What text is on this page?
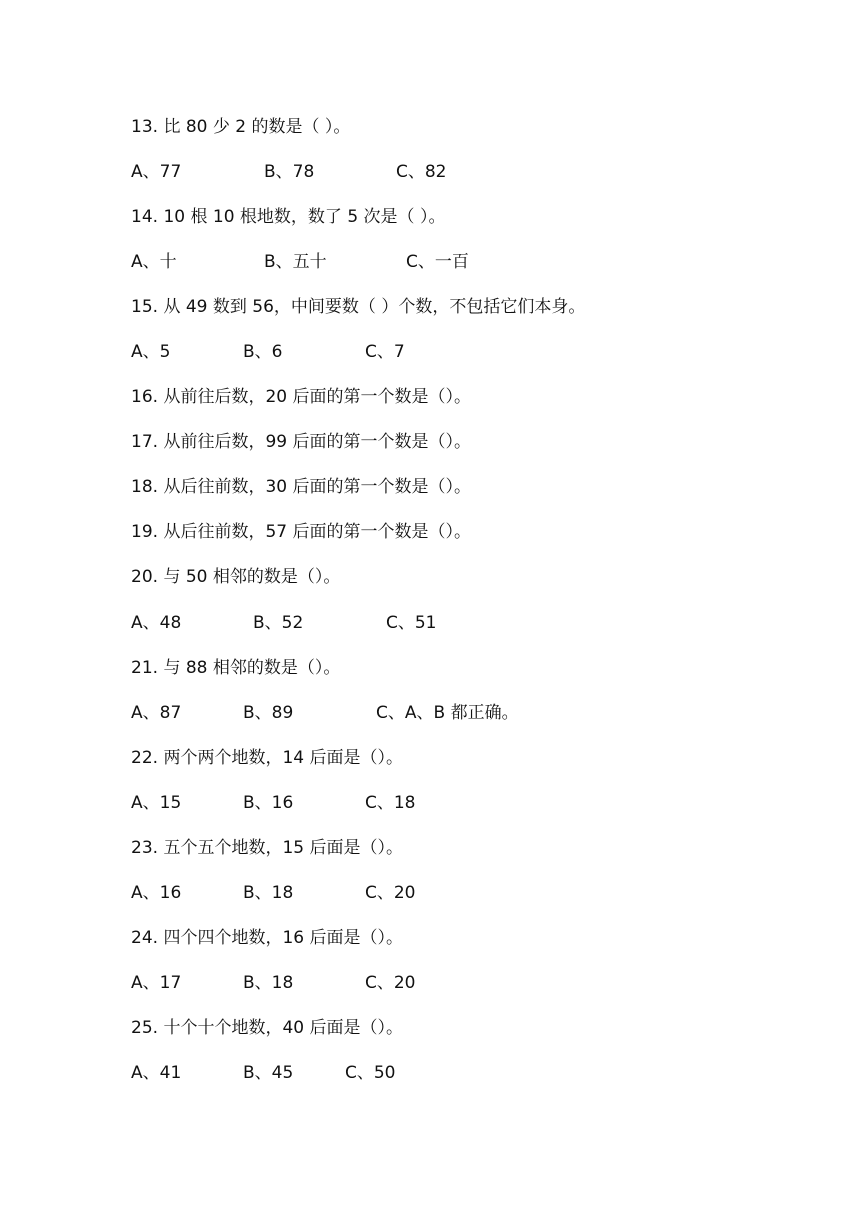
13. 比 80 少 2 的数是（ ）。
A、77	B、78	C、82
14. 10 根 10 根地数，数了 5 次是（ ）。
A、十	B、五十	C、一百
15. 从 49 数到 56，中间要数（ ）个数，不包括它们本身。
A、5	B、6	C、7
16. 从前往后数，20 后面的第一个数是（）。
17. 从前往后数，99 后面的第一个数是（）。
18. 从后往前数，30 后面的第一个数是（）。
19. 从后往前数，57 后面的第一个数是（）。
20. 与 50 相邻的数是（）。
A、48	B、52	C、51
21. 与 88 相邻的数是（）。
A、87	B、89	C、A、B 都正确。
22. 两个两个地数，14 后面是（）。
A、15	B、16	C、18
23. 五个五个地数，15 后面是（）。
A、16	B、18	C、20
24. 四个四个地数，16 后面是（）。
A、17	B、18	C、20
25. 十个十个地数，40 后面是（）。
A、41	B、45	C、50
